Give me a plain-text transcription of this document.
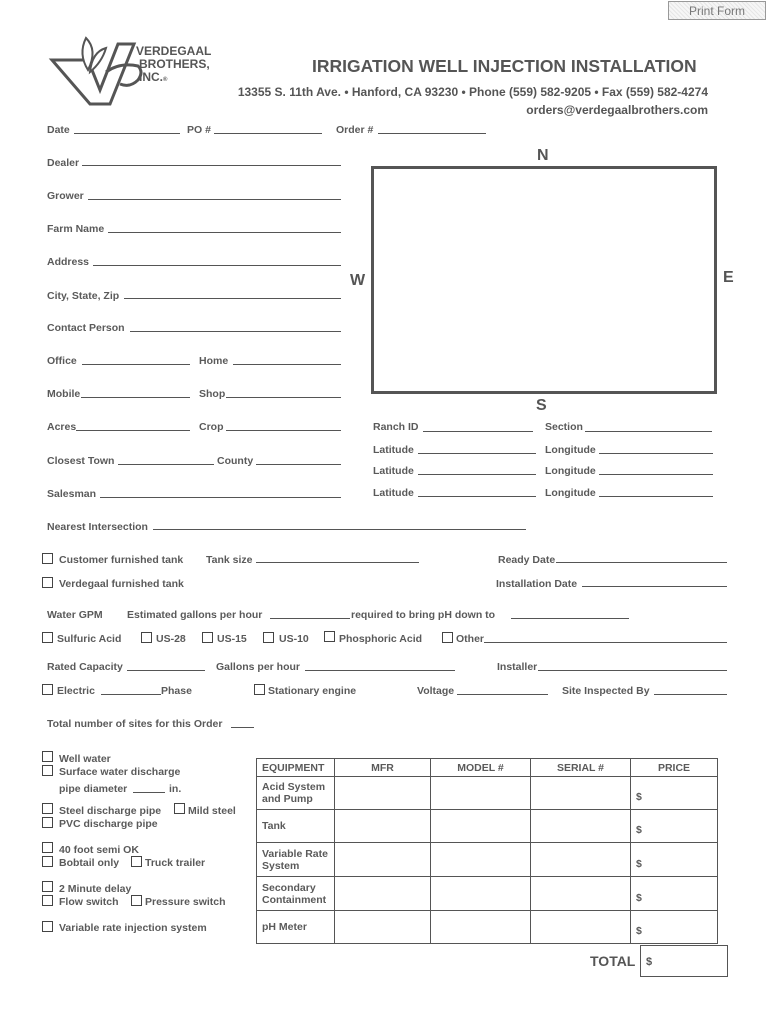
Print Form
VERDEGAAL
BROTHERS,
INC.®
IRRIGATION WELL INJECTION INSTALLATION
13355 S. 11th Ave. • Hanford, CA 93230 • Phone (559) 582-9205 • Fax (559) 582-4274
orders@verdegaalbrothers.com
Date	PO #	Order #
Dealer
Grower
Farm Name
Address
City, State, Zip
Contact Person
Office	Home
Mobile	Shop
Acres	Crop
Closest Town	County
Salesman
Nearest Intersection
N
W	E
S
Ranch ID	Section
Latitude	Longitude
Latitude	Longitude
Latitude	Longitude
Customer furnished tank Tank size	Ready Date
Verdegaal furnished tank	Installation Date
Water GPM Estimated gallons per hour	required to bring pH down to
Sulfuric Acid	US-28	US-15	US-10	Phosphoric Acid	Other
Rated Capacity	Gallons per hour	Installer
Electric	Phase	Stationary engine	Voltage	Site Inspected By
Total number of sites for this Order
Well water
Surface water discharge
pipe diameter	in.
Steel discharge pipe	Mild steel
PVC discharge pipe
40 foot semi OK
Bobtail only Truck trailer
2 Minute delay
Flow switch	Pressure switch
Variable rate injection system
EQUIPMENT	MFR	MODEL #	SERIAL #	PRICE
Acid System and Pump				$
Tank				$
Variable Rate System				$
Secondary Containment				$
pH Meter				$
TOTAL $
